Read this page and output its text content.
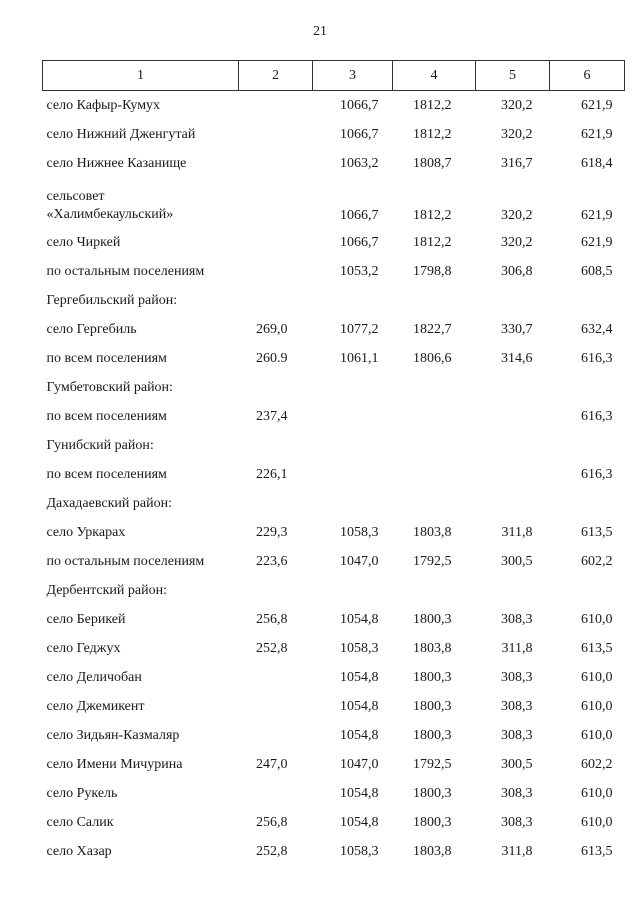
21
1	2	3	4	5	6
село Кафыр-Кумух		1066,7	1812,2	320,2	621,9
село Нижний Дженгутай		1066,7	1812,2	320,2	621,9
село Нижнее Казанище		1063,2	1808,7	316,7	618,4

сельсовет
«Халимбекаульский»		1066,7	1812,2	320,2	621,9
село Чиркей		1066,7	1812,2	320,2	621,9
по остальным поселениям		1053,2	1798,8	306,8	608,5
Гергебильский район:					
село Гергебиль	269,0	1077,2	1822,7	330,7	632,4
по всем поселениям	260.9	1061,1	1806,6	314,6	616,3
Гумбетовский район:					
по всем поселениям	237,4				616,3
Гунибский район:					
по всем поселениям	226,1				616,3
Дахадаевский район:					
село Уркарах	229,3	1058,3	1803,8	311,8	613,5
по остальным поселениям	223,6	1047,0	1792,5	300,5	602,2
Дербентский район:					
село Берикей	256,8	1054,8	1800,3	308,3	610,0
село Геджух	252,8	1058,3	1803,8	311,8	613,5
село Деличобан		1054,8	1800,3	308,3	610,0
село Джемикент		1054,8	1800,3	308,3	610,0
село Зидьян-Казмаляр		1054,8	1800,3	308,3	610,0
село Имени Мичурина	247,0	1047,0	1792,5	300,5	602,2
село Рукель		1054,8	1800,3	308,3	610,0
село Салик	256,8	1054,8	1800,3	308,3	610,0
село Хазар	252,8	1058,3	1803,8	311,8	613,5
